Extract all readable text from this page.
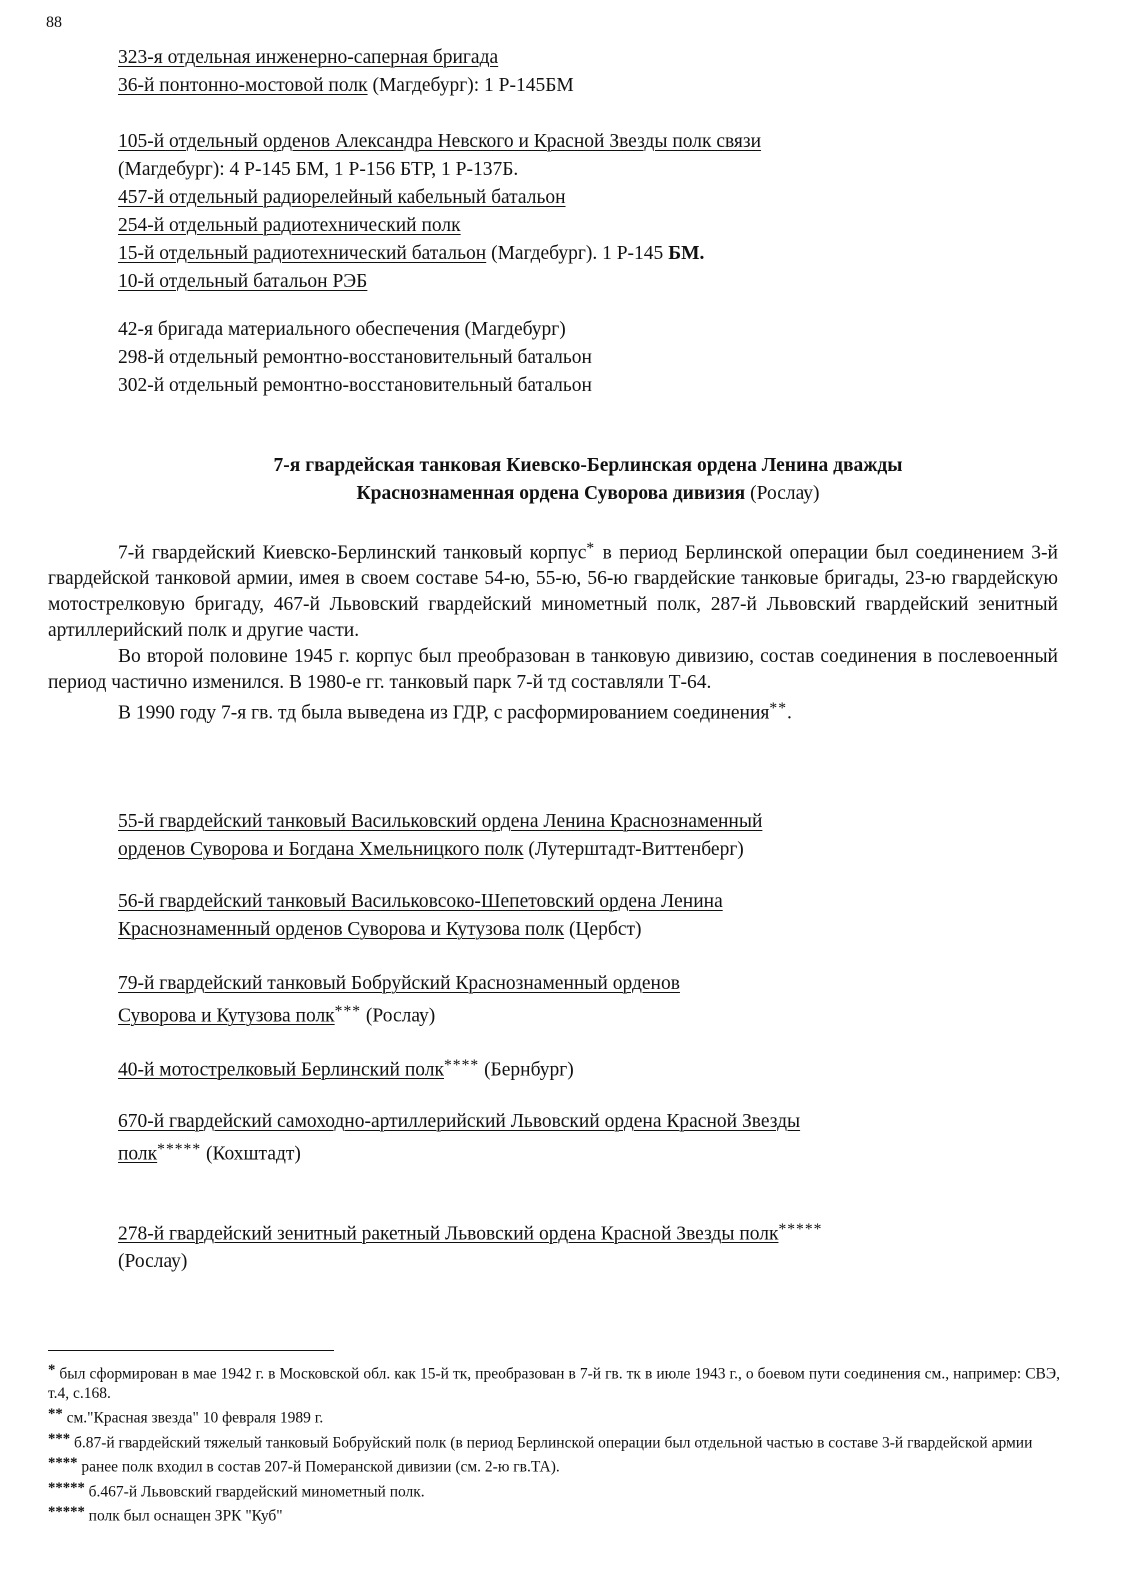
88
323-я отдельная инженерно-саперная бригада
36-й понтонно-мостовой полк (Магдебург): 1 Р-145БМ
105-й отдельный орденов Александра Невского и Красной Звезды полк связи
(Магдебург): 4 Р-145 БМ, 1 Р-156 БТР, 1 Р-137Б.
457-й отдельный радиорелейный кабельный батальон
254-й отдельный радиотехнический полк
15-й отдельный радиотехнический батальон (Магдебург). 1 Р-145 БМ.
10-й отдельный батальон РЭБ
42-я бригада материального обеспечения (Магдебург)
298-й отдельный ремонтно-восстановительный батальон
302-й отдельный ремонтно-восстановительный батальон
7-я гвардейская танковая Киевско-Берлинская ордена Ленина дважды
Краснознаменная ордена Суворова дивизия (Рослау)

7-й гвардейский Киевско-Берлинский танковый корпус* в период Берлинской операции был соединением 3-й гвардейской танковой армии, имея в своем составе 54-ю, 55-ю, 56-ю гвардейские танковые бригады, 23-ю гвардейскую мотострелковую бригаду, 467-й Львовский гвардейский минометный полк, 287-й Львовский гвардейский зенитный артиллерийский полк и другие части.

Во второй половине 1945 г. корпус был преобразован в танковую дивизию, состав соединения в послевоенный период частично изменился. В 1980-е гг. танковый парк 7-й тд составляли Т-64.

В 1990 году 7-я гв. тд была выведена из ГДР, с расформированием соединения**.

55-й гвардейский танковый Васильковский ордена Ленина Краснознаменный
орденов Суворова и Богдана Хмельницкого полк (Лутерштадт-Виттенберг)
56-й гвардейский танковый Васильковсоко-Шепетовский ордена Ленина
Краснознаменный орденов Суворова и Кутузова полк (Цербст)
79-й гвардейский танковый Бобруйский Краснознаменный орденов
Суворова и Кутузова полк*** (Рослау)
40-й мотострелковый Берлинский полк**** (Бернбург)
670-й гвардейский самоходно-артиллерийский Львовский ордена Красной Звезды
полк***** (Кохштадт)
278-й гвардейский зенитный ракетный Львовский ордена Красной Звезды полк*****
(Рослау)

* был сформирован в мае 1942 г. в Московской обл. как 15-й тк, преобразован в 7-й гв. тк в июле 1943 г., о боевом пути соединения см., например: СВЭ, т.4, с.168.

** см."Красная звезда" 10 февраля 1989 г.

*** б.87-й гвардейский тяжелый танковый Бобруйский полк (в период Берлинской операции был отдельной частью в составе 3-й гвардейской армии

**** ранее полк входил в состав 207-й Померанской дивизии (см. 2-ю гв.ТА).

***** б.467-й Львовский гвардейский минометный полк.

***** полк был оснащен ЗРК "Куб"
